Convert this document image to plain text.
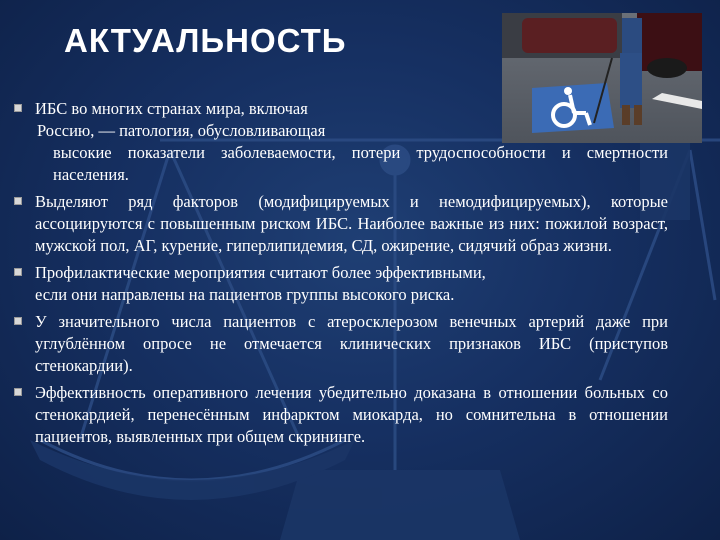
АКТУАЛЬНОСТЬ
ИБС во многих странах мира, включая
Россию, — патология, обусловливающая
высокие показатели заболеваемости, потери трудоспособности и смертности населения.
Выделяют ряд факторов (модифицируемых и немодифицируемых), которые ассоциируются с повышенным риском ИБС. Наиболее важные из них: пожилой возраст, мужской пол, АГ, курение, гиперлипидемия, СД, ожирение, сидячий образ жизни.
Профилактические мероприятия считают более эффективными,
если они направлены на пациентов группы высокого риска.
У значительного числа пациентов с атеросклерозом венечных артерий даже при углублённом опросе не отмечается клинических признаков ИБС (приступов стенокардии).
Эффективность оперативного лечения убедительно доказана в отношении больных со стенокардией, перенесённым инфарктом миокарда, но сомнительна в отношении пациентов, выявленных при общем скрининге.
